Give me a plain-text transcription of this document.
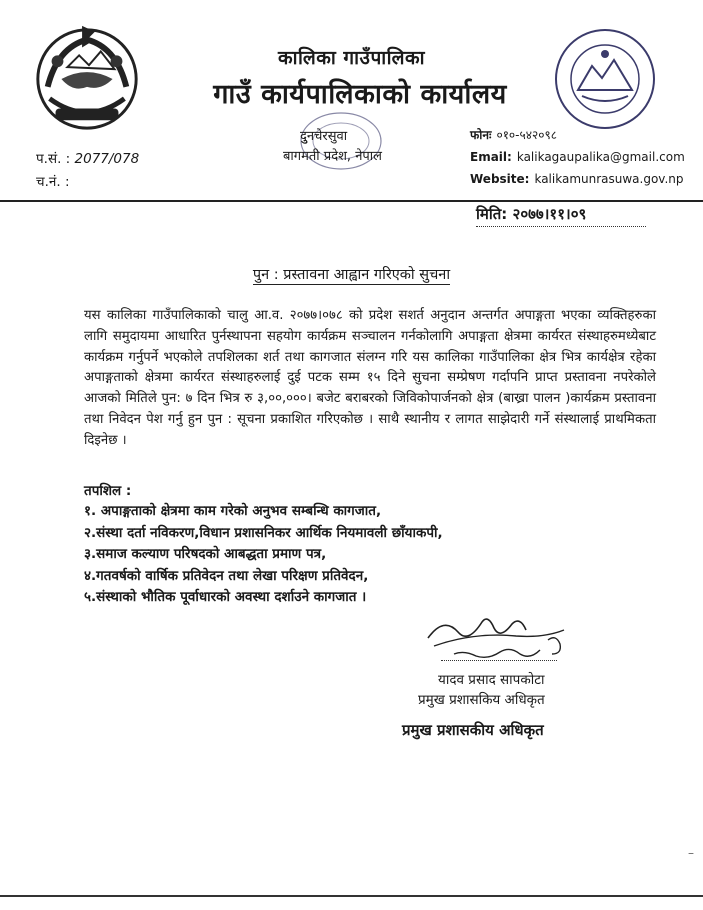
कालिका गाउँपालिका
गाउँ कार्यपालिकाको कार्यालय
दुुनचेरसुवा
बागमती प्रदेश, नेपाल
प.सं. : 2077/078
च.नं. :
फोनः ०१०-५४२०९८
Email: kalikagaupalika@gmail.com
Website: kalikamunrasuwa.gov.np
मिति: २०७७।११।०९
पुन : प्रस्तावना आह्वान गरिएको सुचना
यस कालिका गाउँपालिकाको चालु आ.व. २०७७।०७८ को प्रदेश सशर्त अनुदान अन्तर्गत अपाङ्गता भएका व्यक्तिहरुका लागि समुदायमा आधारित पुर्नस्थापना सहयोग कार्यक्रम सञ्चालन गर्नकोलागि अपाङ्गता क्षेत्रमा कार्यरत संस्थाहरुमध्येबाट कार्यक्रम गर्नुपर्ने भएकोले तपशिलका शर्त तथा कागजात संलग्न गरि यस कालिका गाउँपालिका क्षेत्र भित्र कार्यक्षेत्र रहेका अपाङ्गताको क्षेत्रमा कार्यरत संस्थाहरुलाई दुई पटक सम्म १५ दिने सुचना सम्प्रेषण गर्दापनि प्राप्त प्रस्तावना नपरेकोले आजको मितिले पुन: ७ दिन भित्र रु ३,००,०००। बजेट बराबरको जिविकोपार्जनको क्षेत्र (बाख्रा पालन )कार्यक्रम प्रस्तावना तथा निवेदन पेश गर्नु हुन पुन : सूचना प्रकाशित गरिएकोछ । साथै स्थानीय र लागत साझेदारी गर्ने संस्थालाई प्राथमिकता दिइनेछ ।
तपशिल :
१. अपाङ्गताको क्षेत्रमा काम गरेको अनुभव सम्बन्धि कागजात,
२.संस्था दर्ता नविकरण,विधान प्रशासनिकर आर्थिक नियमावली छाँयाकपी,
३.समाज कल्याण परिषदको आबद्धता प्रमाण पत्र,
४.गतवर्षको वार्षिक प्रतिवेदन तथा लेखा परिक्षण प्रतिवेदन,
५.संस्थाको भौतिक पूर्वाधारको अवस्था दर्शाउने कागजात ।
यादव प्रसाद सापकोटा
प्रमुख प्रशासकिय अधिकृत
प्रमुख प्रशासकीय अधिकृत
–
